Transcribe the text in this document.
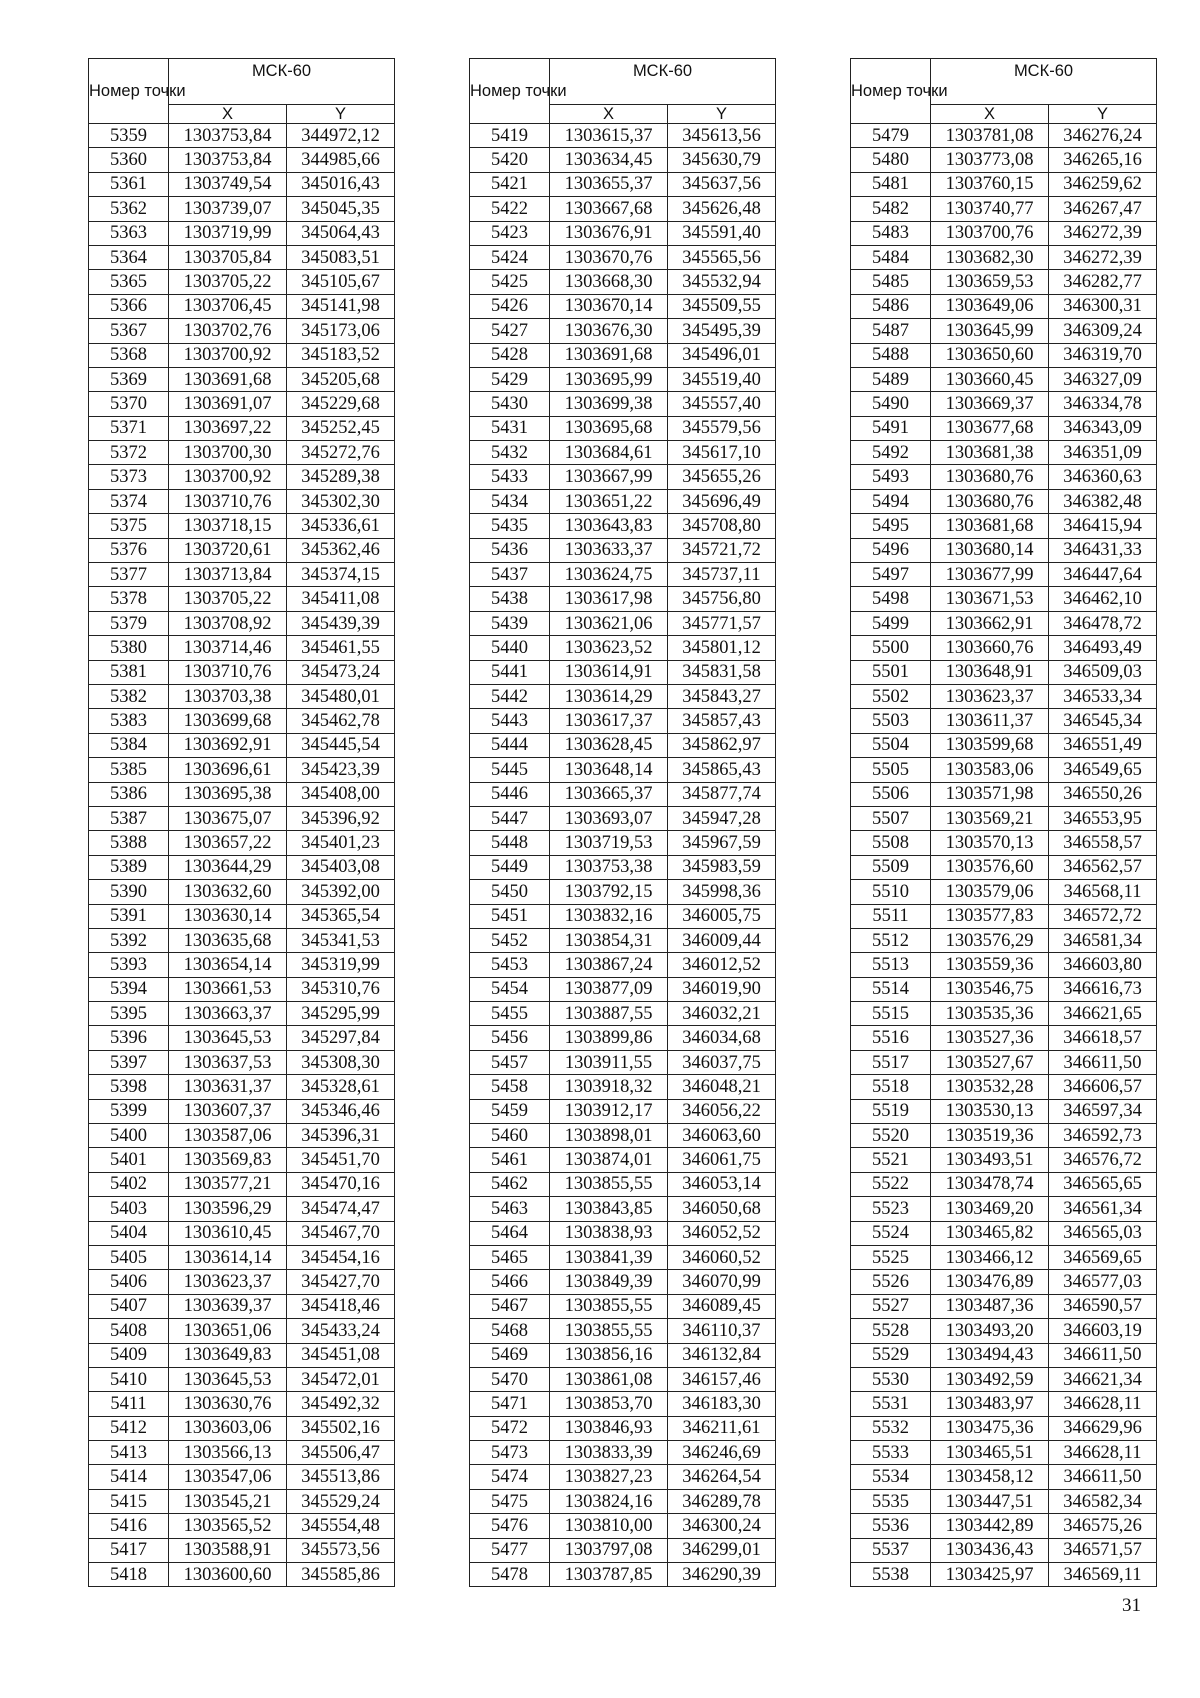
Номер точки	МСК-60	
	X	Y
5359	1303753,84	344972,12
5360	1303753,84	344985,66
5361	1303749,54	345016,43
5362	1303739,07	345045,35
5363	1303719,99	345064,43
5364	1303705,84	345083,51
5365	1303705,22	345105,67
5366	1303706,45	345141,98
5367	1303702,76	345173,06
5368	1303700,92	345183,52
5369	1303691,68	345205,68
5370	1303691,07	345229,68
5371	1303697,22	345252,45
5372	1303700,30	345272,76
5373	1303700,92	345289,38
5374	1303710,76	345302,30
5375	1303718,15	345336,61
5376	1303720,61	345362,46
5377	1303713,84	345374,15
5378	1303705,22	345411,08
5379	1303708,92	345439,39
5380	1303714,46	345461,55
5381	1303710,76	345473,24
5382	1303703,38	345480,01
5383	1303699,68	345462,78
5384	1303692,91	345445,54
5385	1303696,61	345423,39
5386	1303695,38	345408,00
5387	1303675,07	345396,92
5388	1303657,22	345401,23
5389	1303644,29	345403,08
5390	1303632,60	345392,00
5391	1303630,14	345365,54
5392	1303635,68	345341,53
5393	1303654,14	345319,99
5394	1303661,53	345310,76
5395	1303663,37	345295,99
5396	1303645,53	345297,84
5397	1303637,53	345308,30
5398	1303631,37	345328,61
5399	1303607,37	345346,46
5400	1303587,06	345396,31
5401	1303569,83	345451,70
5402	1303577,21	345470,16
5403	1303596,29	345474,47
5404	1303610,45	345467,70
5405	1303614,14	345454,16
5406	1303623,37	345427,70
5407	1303639,37	345418,46
5408	1303651,06	345433,24
5409	1303649,83	345451,08
5410	1303645,53	345472,01
5411	1303630,76	345492,32
5412	1303603,06	345502,16
5413	1303566,13	345506,47
5414	1303547,06	345513,86
5415	1303545,21	345529,24
5416	1303565,52	345554,48
5417	1303588,91	345573,56
5418	1303600,60	345585,86
Номер точки	МСК-60	
	X	Y
5419	1303615,37	345613,56
5420	1303634,45	345630,79
5421	1303655,37	345637,56
5422	1303667,68	345626,48
5423	1303676,91	345591,40
5424	1303670,76	345565,56
5425	1303668,30	345532,94
5426	1303670,14	345509,55
5427	1303676,30	345495,39
5428	1303691,68	345496,01
5429	1303695,99	345519,40
5430	1303699,38	345557,40
5431	1303695,68	345579,56
5432	1303684,61	345617,10
5433	1303667,99	345655,26
5434	1303651,22	345696,49
5435	1303643,83	345708,80
5436	1303633,37	345721,72
5437	1303624,75	345737,11
5438	1303617,98	345756,80
5439	1303621,06	345771,57
5440	1303623,52	345801,12
5441	1303614,91	345831,58
5442	1303614,29	345843,27
5443	1303617,37	345857,43
5444	1303628,45	345862,97
5445	1303648,14	345865,43
5446	1303665,37	345877,74
5447	1303693,07	345947,28
5448	1303719,53	345967,59
5449	1303753,38	345983,59
5450	1303792,15	345998,36
5451	1303832,16	346005,75
5452	1303854,31	346009,44
5453	1303867,24	346012,52
5454	1303877,09	346019,90
5455	1303887,55	346032,21
5456	1303899,86	346034,68
5457	1303911,55	346037,75
5458	1303918,32	346048,21
5459	1303912,17	346056,22
5460	1303898,01	346063,60
5461	1303874,01	346061,75
5462	1303855,55	346053,14
5463	1303843,85	346050,68
5464	1303838,93	346052,52
5465	1303841,39	346060,52
5466	1303849,39	346070,99
5467	1303855,55	346089,45
5468	1303855,55	346110,37
5469	1303856,16	346132,84
5470	1303861,08	346157,46
5471	1303853,70	346183,30
5472	1303846,93	346211,61
5473	1303833,39	346246,69
5474	1303827,23	346264,54
5475	1303824,16	346289,78
5476	1303810,00	346300,24
5477	1303797,08	346299,01
5478	1303787,85	346290,39
Номер точки	МСК-60	
	X	Y
5479	1303781,08	346276,24
5480	1303773,08	346265,16
5481	1303760,15	346259,62
5482	1303740,77	346267,47
5483	1303700,76	346272,39
5484	1303682,30	346272,39
5485	1303659,53	346282,77
5486	1303649,06	346300,31
5487	1303645,99	346309,24
5488	1303650,60	346319,70
5489	1303660,45	346327,09
5490	1303669,37	346334,78
5491	1303677,68	346343,09
5492	1303681,38	346351,09
5493	1303680,76	346360,63
5494	1303680,76	346382,48
5495	1303681,68	346415,94
5496	1303680,14	346431,33
5497	1303677,99	346447,64
5498	1303671,53	346462,10
5499	1303662,91	346478,72
5500	1303660,76	346493,49
5501	1303648,91	346509,03
5502	1303623,37	346533,34
5503	1303611,37	346545,34
5504	1303599,68	346551,49
5505	1303583,06	346549,65
5506	1303571,98	346550,26
5507	1303569,21	346553,95
5508	1303570,13	346558,57
5509	1303576,60	346562,57
5510	1303579,06	346568,11
5511	1303577,83	346572,72
5512	1303576,29	346581,34
5513	1303559,36	346603,80
5514	1303546,75	346616,73
5515	1303535,36	346621,65
5516	1303527,36	346618,57
5517	1303527,67	346611,50
5518	1303532,28	346606,57
5519	1303530,13	346597,34
5520	1303519,36	346592,73
5521	1303493,51	346576,72
5522	1303478,74	346565,65
5523	1303469,20	346561,34
5524	1303465,82	346565,03
5525	1303466,12	346569,65
5526	1303476,89	346577,03
5527	1303487,36	346590,57
5528	1303493,20	346603,19
5529	1303494,43	346611,50
5530	1303492,59	346621,34
5531	1303483,97	346628,11
5532	1303475,36	346629,96
5533	1303465,51	346628,11
5534	1303458,12	346611,50
5535	1303447,51	346582,34
5536	1303442,89	346575,26
5537	1303436,43	346571,57
5538	1303425,97	346569,11
31
